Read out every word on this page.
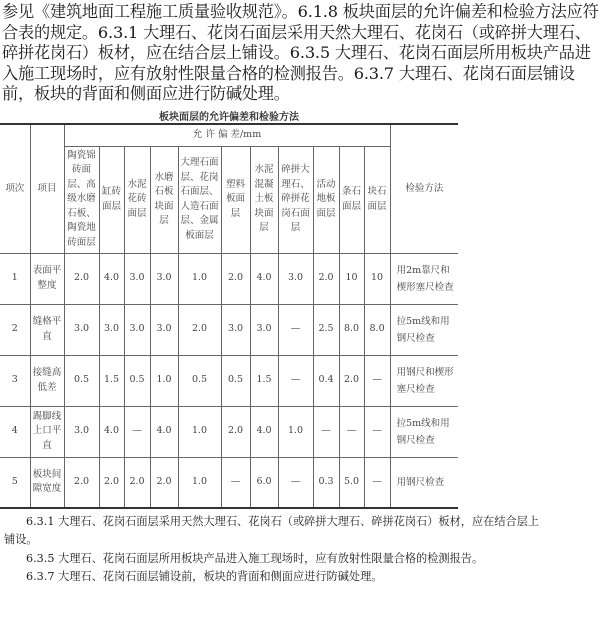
参见《建筑地面工程施工质量验收规范》。6.1.8 板块面层的允许偏差和检验方法应符合表的规定。6.3.1 大理石、花岗石面层采用天然大理石、花岗石（或碎拼大理石、碎拼花岗石）板材，应在结合层上铺设。6.3.5 大理石、花岗石面层所用板块产品进入施工现场时，应有放射性限量合格的检测报告。6.3.7 大理石、花岗石面层铺设前，板块的背面和侧面应进行防碱处理。
板块面层的允许偏差和检验方法
项次	项目	允 许 偏 差/mm											检验方法
		陶瓷锦砖面层、高级水磨石板、陶瓷地砖面层	缸砖面层	水泥花砖面层	水磨石板块面层	大理石面层、花岗石面层、人造石面层、金属板面层	塑料板面层	水泥混凝土板块面层	碎拼大理石、碎拼花岗石面层	活动地板面层	条石面层	块石面层	
1	表面平整度	2.0	4.0	3.0	3.0	1.0	2.0	4.0	3.0	2.0	10	10	用2m靠尺和楔形塞尺检查
2	缝格平直	3.0	3.0	3.0	3.0	2.0	3.0	3.0	—	2.5	8.0	8.0	拉5m线和用钢尺检查
3	接缝高低差	0.5	1.5	0.5	1.0	0.5	0.5	1.5	—	0.4	2.0	—	用钢尺和楔形塞尺检查
4	踢脚线上口平直	3.0	4.0	—	4.0	1.0	2.0	4.0	1.0	—	—	—	拉5m线和用钢尺检查
5	板块间隙宽度	2.0	2.0	2.0	2.0	1.0	—	6.0	—	0.3	5.0	—	用钢尺检查

6.3.1 大理石、花岗石面层采用天然大理石、花岗石（或碎拼大理石、碎拼花岗石）板材，应在结合层上铺设。

6.3.5 大理石、花岗石面层所用板块产品进入施工现场时，应有放射性限量合格的检测报告。

6.3.7 大理石、花岗石面层铺设前，板块的背面和侧面应进行防碱处理。
